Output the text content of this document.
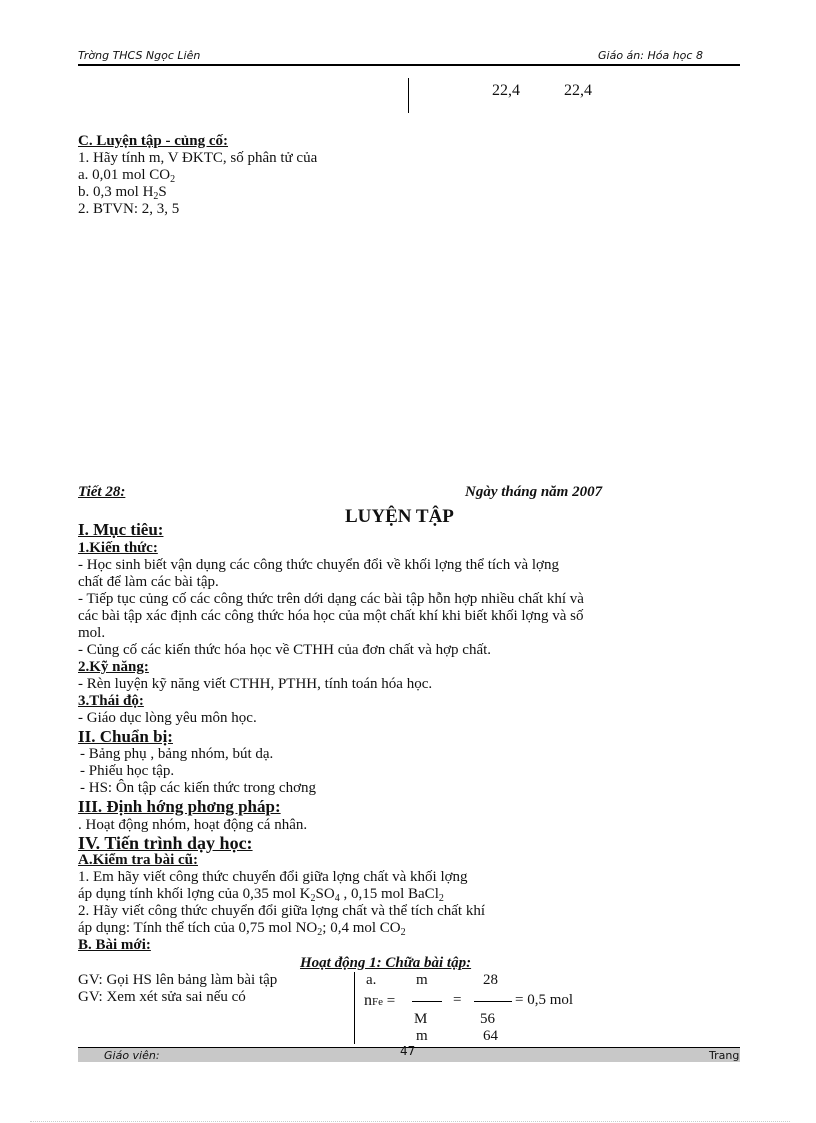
Trờng THCS Ngọc Liên	Giáo án: Hóa học 8
22,4	22,4
C. Luyện tập - củng cố:
1. Hãy tính m, V ĐKTC, số phân tử của
a. 0,01 mol $CO_2$
b. 0,3 mol $H_2S$
2. BTVN: 2, 3, 5
Tiết 28:	Ngày tháng năm 2007
LUYỆN TẬP
I. Mục tiêu:
1.Kiến thức:
- Học sinh biết vận dụng các công thức chuyển đổi về khối lợng thể tích và lợng
chất để làm các bài tập.
- Tiếp tục củng cố các công thức trên dới dạng các bài tập hỗn hợp nhiều chất khí và
các bài tập xác định các công thức hóa học của một chất khí khi biết khối lợng và số
mol.
- Củng cố các kiến thức hóa học về CTHH của đơn chất và hợp chất.
2.Kỹ năng:
- Rèn luyện kỹ năng viết CTHH, PTHH, tính toán hóa học.
3.Thái độ:
- Giáo dục lòng yêu môn học.
II. Chuẩn bị:
- Bảng phụ , bảng nhóm, bút dạ.
- Phiếu học tập.
- HS: Ôn tập các kiến thức trong chơng
III. Định hớng phơng pháp:
. Hoạt động nhóm, hoạt động cá nhân.
IV. Tiến trình dạy học:
A.Kiểm tra bài cũ:
1. Em hãy viết công thức chuyển đổi giữa lợng chất và khối lợng
áp dụng tính khối lợng của 0,35 mol $K_2SO_4$ , 0,15 mol BaCl$_2$
2. Hãy viết công thức chuyển đổi giữa lợng chất và thể tích chất khí
áp dụng: Tính thể tích của 0,75 mol $NO_2$; 0,4 mol $CO_2$
B. Bài mới:
Hoạt động 1: Chữa bài tập:
GV: Gọi HS lên bảng làm bài tập
GV: Xem xét sửa sai nếu có
a.	m	28
nFe =	=	= 0,5 mol
M	56
m	64
Giáo viên:	47	Trang
